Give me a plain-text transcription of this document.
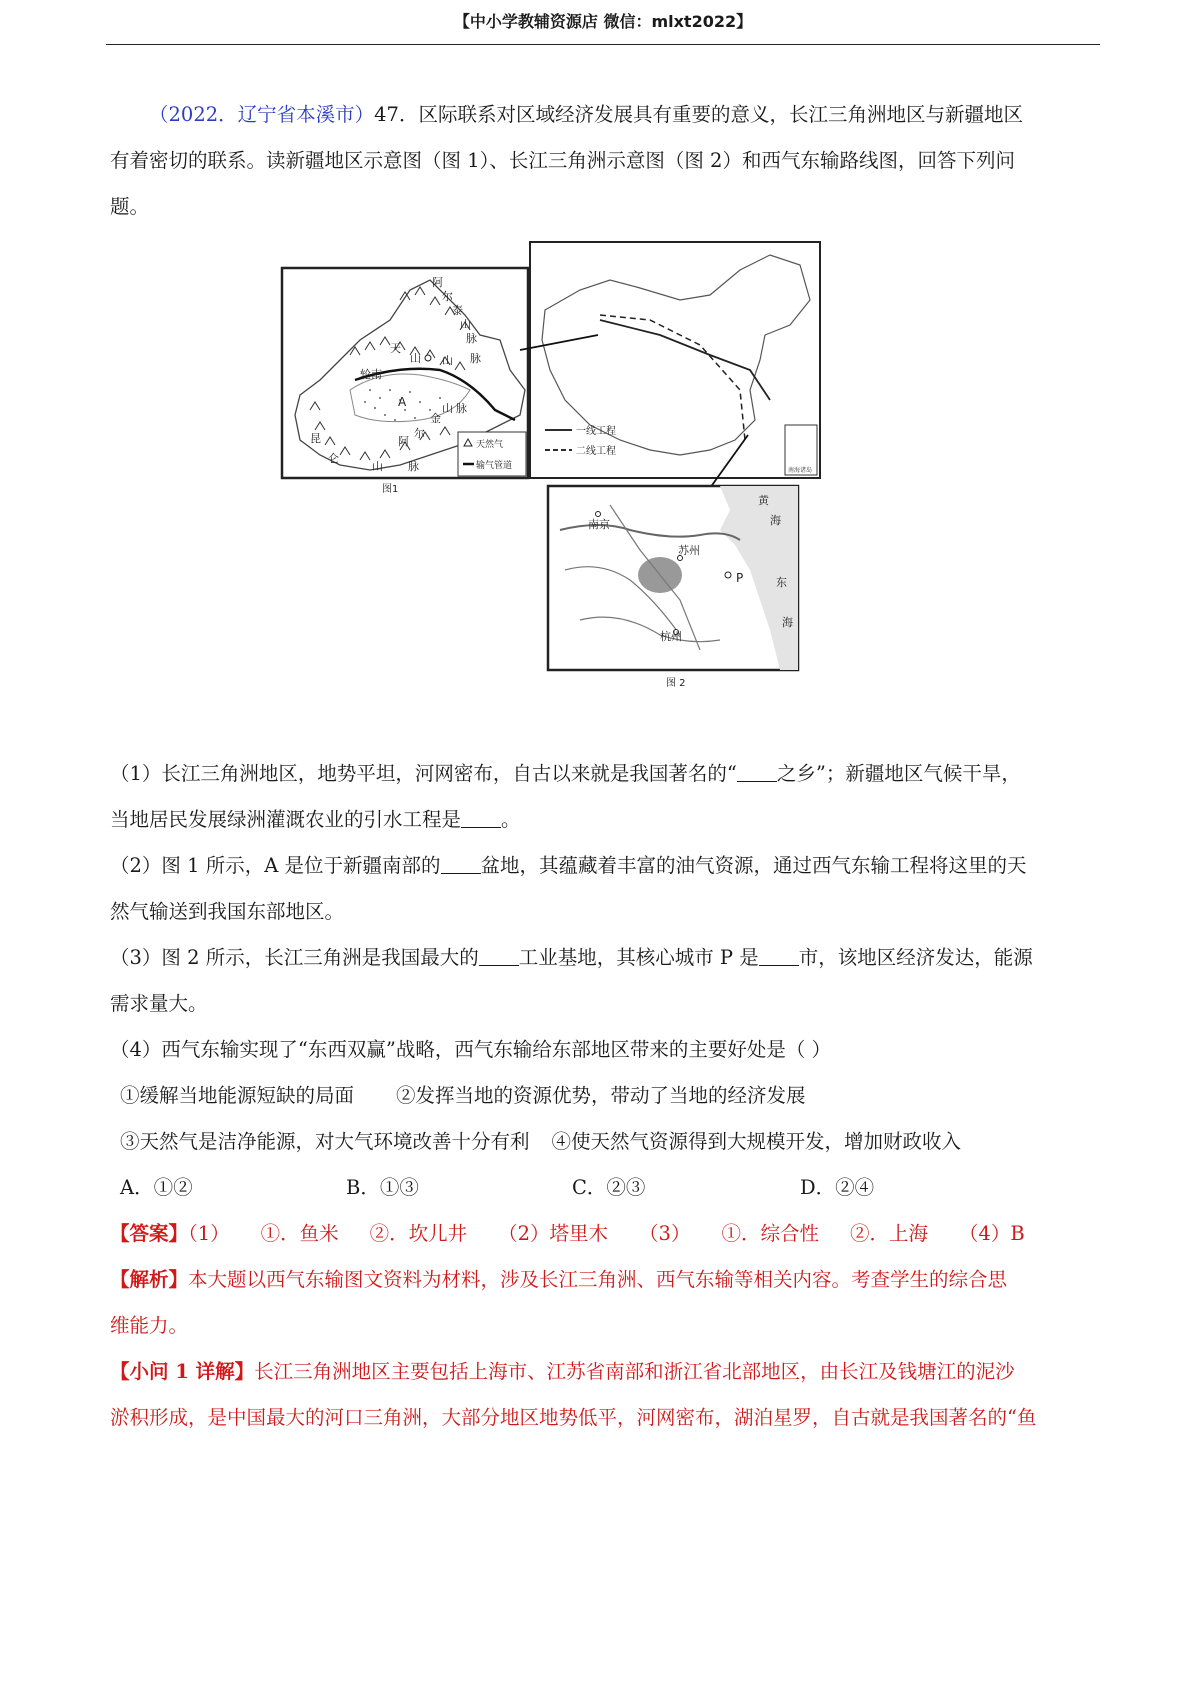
【中小学教辅资源店 微信：mlxt2022】
（2022．辽宁省本溪市）47．区际联系对区域经济发展具有重要的意义，长江三角洲地区与新疆地区
有着密切的联系。读新疆地区示意图（图 1）、长江三角洲示意图（图 2）和西气东输路线图，回答下列问
题。
阿
尔
泰
山
脉
天
山 山 脉
轮南
A
阿
尔
金
山 脉
昆
仑
山 脉
天然气
输气管道
图1
南海诸岛
一线工程
二线工程
南京
苏州
杭州
P
黄
海
东
海
图 2
（1）长江三角洲地区，地势平坦，河网密布，自古以来就是我国著名的“ 之乡”；新疆地区气候干旱，
当地居民发展绿洲灌溉农业的引水工程是 。
（2）图 1 所示，A 是位于新疆南部的 盆地，其蕴藏着丰富的油气资源，通过西气东输工程将这里的天
然气输送到我国东部地区。
（3）图 2 所示，长江三角洲是我国最大的 工业基地，其核心城市 P 是 市，该地区经济发达，能源
需求量大。
（4）西气东输实现了“东西双赢”战略，西气东输给东部地区带来的主要好处是（ ）
①缓解当地能源短缺的局面 ②发挥当地的资源优势，带动了当地的经济发展
③天然气是洁净能源，对大气环境改善十分有利 ④使天然气资源得到大规模开发，增加财政收入
A．①②	B．①③	C．②③	D．②④
【答案】（1）     ①．鱼米     ②．坎儿井     （2）塔里木     （3）     ①．综合性     ②．上海     （4）B
【解析】本大题以西气东输图文资料为材料，涉及长江三角洲、西气东输等相关内容。考查学生的综合思
维能力。
【小问 1 详解】长江三角洲地区主要包括上海市、江苏省南部和浙江省北部地区，由长江及钱塘江的泥沙
淤积形成，是中国最大的河口三角洲，大部分地区地势低平，河网密布，湖泊星罗，自古就是我国著名的“鱼
